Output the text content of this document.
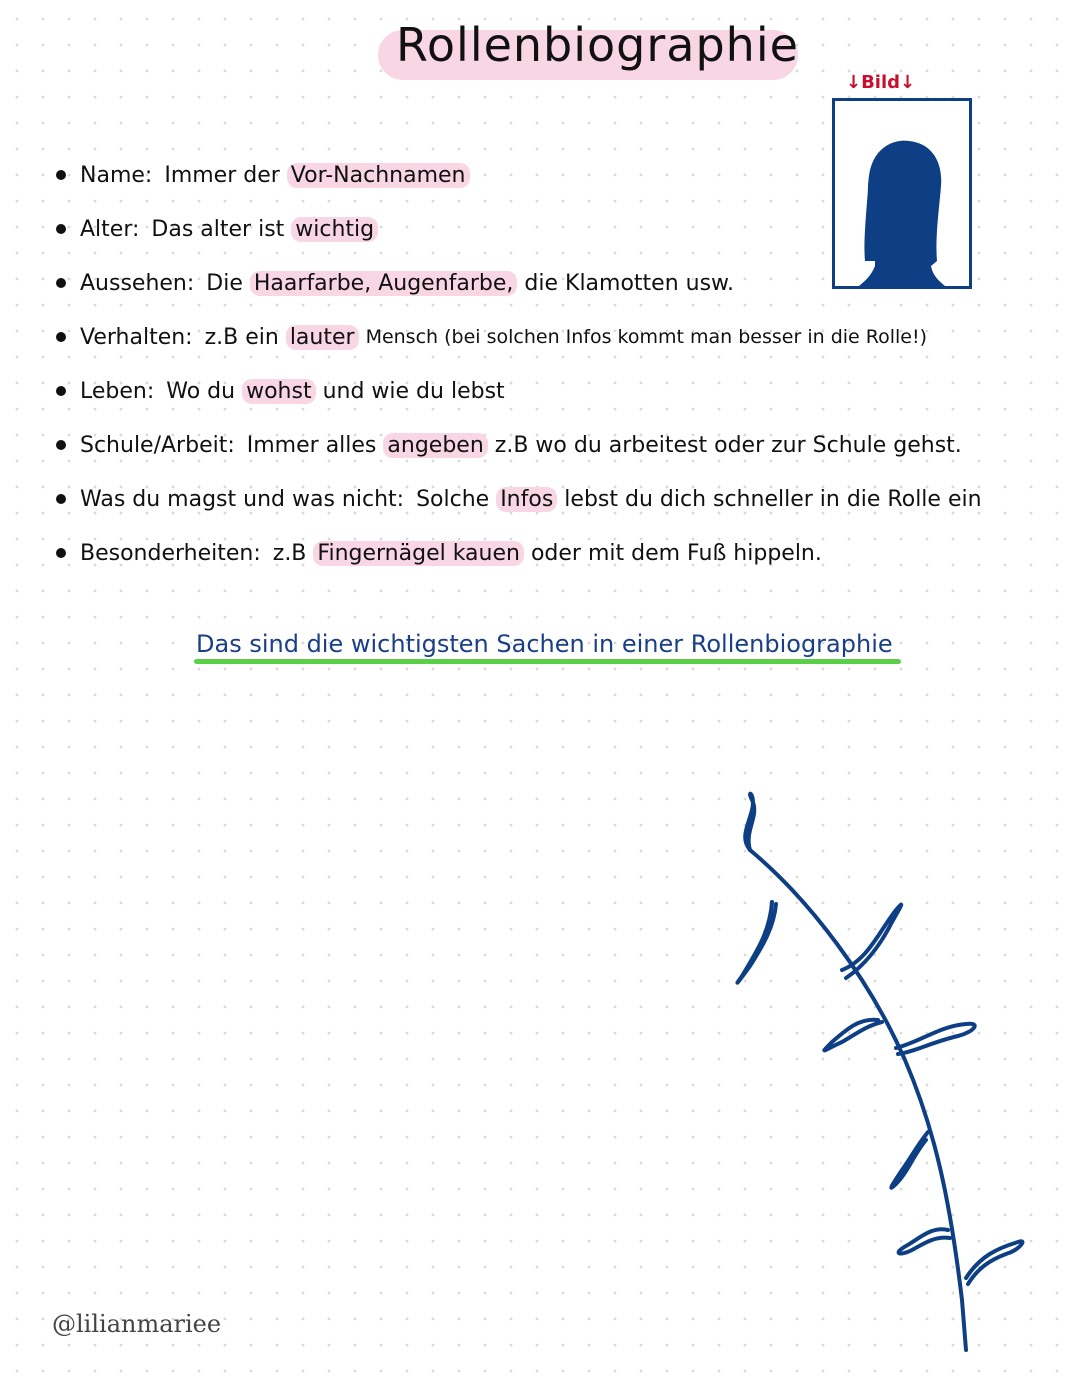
Rollenbiographie
↓Bild↓
Name: Immer der
Vor-Nachnamen

Alter: Das alter ist
wichtig

Aussehen: Die
Haarfarbe, Augenfarbe,
die Klamotten usw.
Verhalten: z.B ein
lauter
Mensch (bei solchen Infos kommt man besser in die Rolle!)
Leben: Wo du
wohst
und wie du lebst
Schule/Arbeit: Immer alles
angeben
z.B wo du arbeitest oder zur Schule gehst.
Was du magst und was nicht: Solche
Infos
lebst du dich schneller in die Rolle ein
Besonderheiten: z.B
Fingernägel kauen
oder mit dem Fuß hippeln.
Das sind die wichtigsten Sachen in einer Rollenbiographie
@lilianmariee
